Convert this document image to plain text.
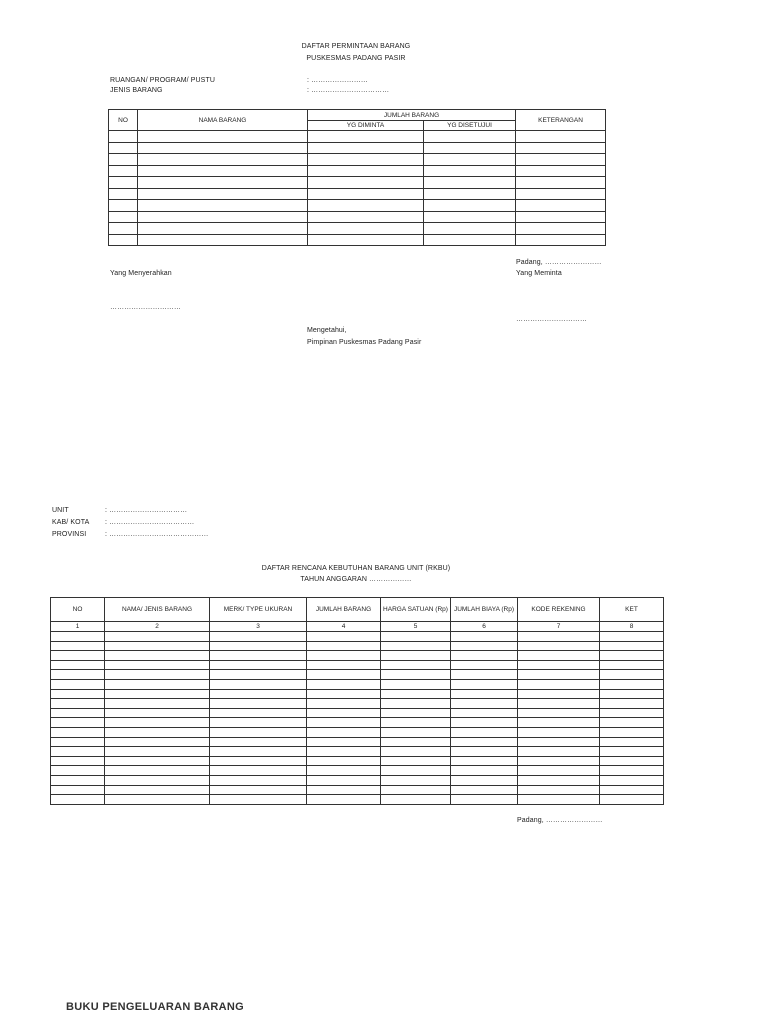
DAFTAR PERMINTAAN BARANG
PUSKESMAS PADANG PASIR
RUANGAN/ PROGRAM/ PUSTU	: ……………………
JENIS BARANG	: ……………………………
NO	NAMA BARANG	JUMLAH BARANG		KETERANGAN
		YG DIMINTA	YG DISETUJUI	

Padang, ……………………
Yang Menyerahkan	Yang Meminta
…………………………
…………………………
Mengetahui,
Pimpinan Puskesmas Padang Pasir
UNIT	: ……………………………
KAB/ KOTA : ………………………………
PROVINSI	: ……………………………………
DAFTAR RENCANA KEBUTUHAN BARANG UNIT (RKBU)
TAHUN ANGGARAN ………………
NO	NAMA/ JENIS BARANG	MERK/ TYPE UKURAN	JUMLAH BARANG	HARGA SATUAN (Rp)	JUMLAH BIAYA (Rp)	KODE REKENING	KET
1	2	3	4	5	6	7	8

Padang, ……………………
BUKU PENGELUARAN BARANG
